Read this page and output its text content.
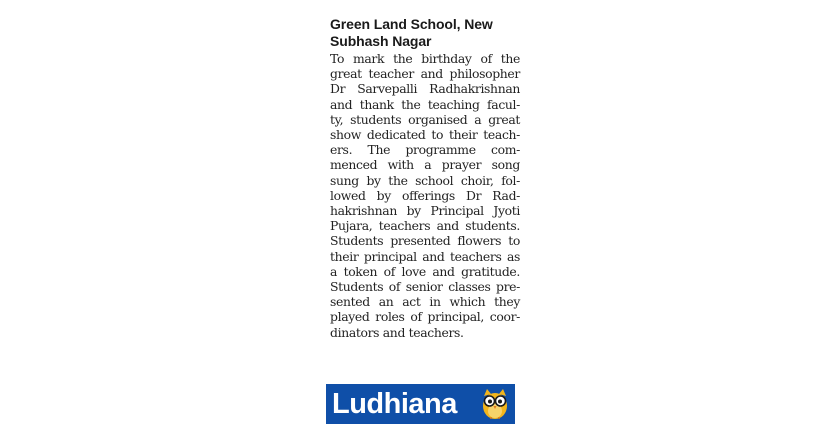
Green Land School, New
Subhash Nagar
To mark the birthday of the
great teacher and philosopher
Dr Sarvepalli Radhakrishnan
and thank the teaching facul-
ty, students organised a great
show dedicated to their teach-
ers. The programme com-
menced with a prayer song
sung by the school choir, fol-
lowed by offerings Dr Rad-
hakrishnan by Principal Jyoti
Pujara, teachers and students.
Students presented flowers to
their principal and teachers as
a token of love and gratitude.
Students of senior classes pre-
sented an act in which they
played roles of principal, coor-
dinators and teachers.
Ludhiana
